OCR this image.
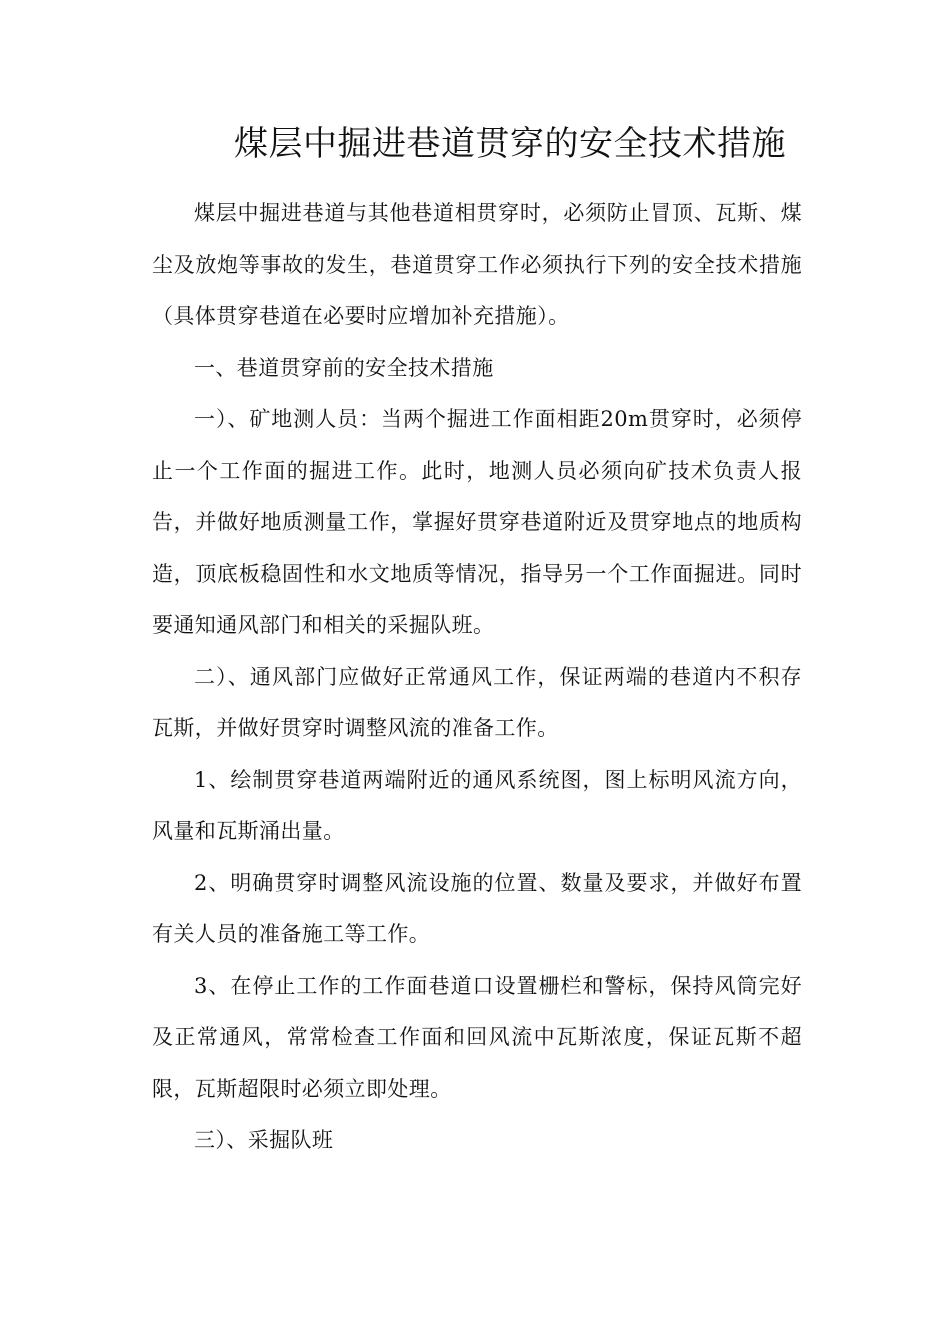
煤层中掘进巷道贯穿的安全技术措施

煤层中掘进巷道与其他巷道相贯穿时，必须防止冒顶、瓦斯、煤尘及放炮等事故的发生，巷道贯穿工作必须执行下列的安全技术措施（具体贯穿巷道在必要时应增加补充措施）。

一、巷道贯穿前的安全技术措施

一）、矿地测人员：当两个掘进工作面相距20m贯穿时，必须停止一个工作面的掘进工作。此时，地测人员必须向矿技术负责人报告，并做好地质测量工作，掌握好贯穿巷道附近及贯穿地点的地质构造，顶底板稳固性和水文地质等情况，指导另一个工作面掘进。同时要通知通风部门和相关的采掘队班。

二）、通风部门应做好正常通风工作，保证两端的巷道内不积存瓦斯，并做好贯穿时调整风流的准备工作。

1、绘制贯穿巷道两端附近的通风系统图，图上标明风流方向，风量和瓦斯涌出量。

2、明确贯穿时调整风流设施的位置、数量及要求，并做好布置有关人员的准备施工等工作。

3、在停止工作的工作面巷道口设置栅栏和警标，保持风筒完好及正常通风，常常检查工作面和回风流中瓦斯浓度，保证瓦斯不超限，瓦斯超限时必须立即处理。

三）、采掘队班
